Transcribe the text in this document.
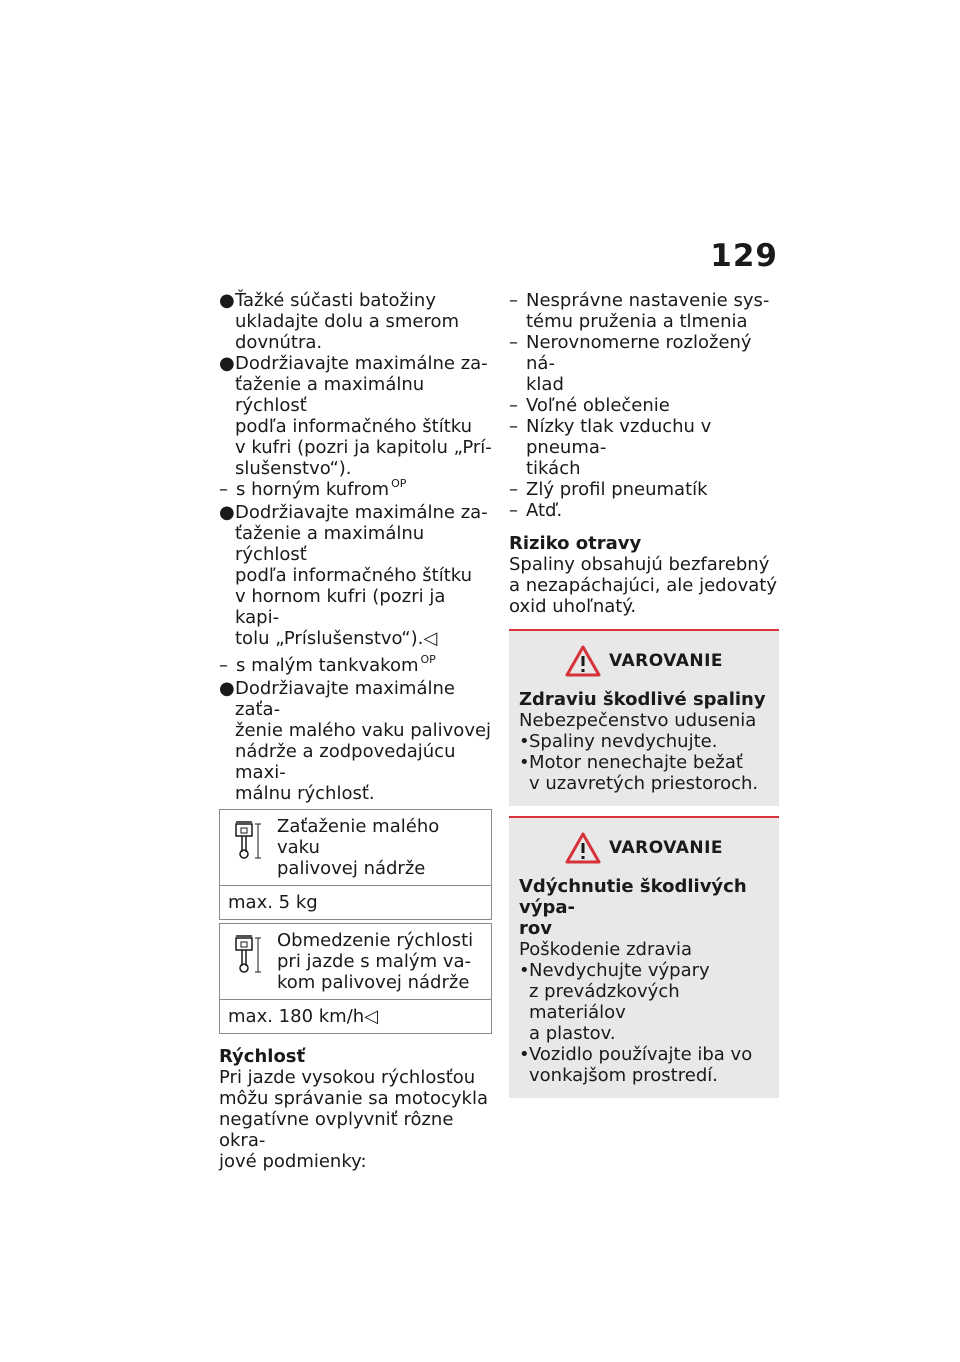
129
● Ťažké súčasti batožiny
ukladajte dolu a smerom
dovnútra.
● Dodržiavajte maximálne za-
ťaženie a maximálnu rýchlosť
podľa informačného štítku
v kufri (pozri ja kapitolu „Prí-
slušenstvo“).
– s horným kufrom $^{OP}$
● Dodržiavajte maximálne za-
ťaženie a maximálnu rýchlosť
podľa informačného štítku
v hornom kufri (pozri ja kapi-
tolu „Príslušenstvo“).◁
– s malým tankvakom $^{OP}$
● Dodržiavajte maximálne zaťa-
ženie malého vaku palivovej
nádrže a zodpovedajúcu maxi-
málnu rýchlosť.
Zaťaženie malého vaku
palivovej nádrže

max. 5 kg

Obmedzenie rýchlosti
pri jazde s malým va-
kom palivovej nádrže

max. 180 km/h◁
Rýchlosť
Pri jazde vysokou rýchlosťou
môžu správanie sa motocykla
negatívne ovplyvniť rôzne okra-
jové podmienky:
– Nesprávne nastavenie sys-
tému pruženia a tlmenia
– Nerovnomerne rozložený ná-
klad
– Voľné oblečenie
– Nízky tlak vzduchu v pneuma-
tikách
– Zlý profil pneumatík
– Atď.
Riziko otravy
Spaliny obsahujú bezfarebný
a nezapáchajúci, ale jedovatý
oxid uhoľnatý.
VAROVANIE
Zdraviu škodlivé spaliny
Nebezpečenstvo udusenia
• Spaliny nevdychujte.
• Motor nenechajte bežať
v uzavretých priestoroch.
VAROVANIE
Vdýchnutie škodlivých výpa-
rov
Poškodenie zdravia
• Nevdychujte výpary
z prevádzkových materiálov
a plastov.
• Vozidlo používajte iba vo
vonkajšom prostredí.
